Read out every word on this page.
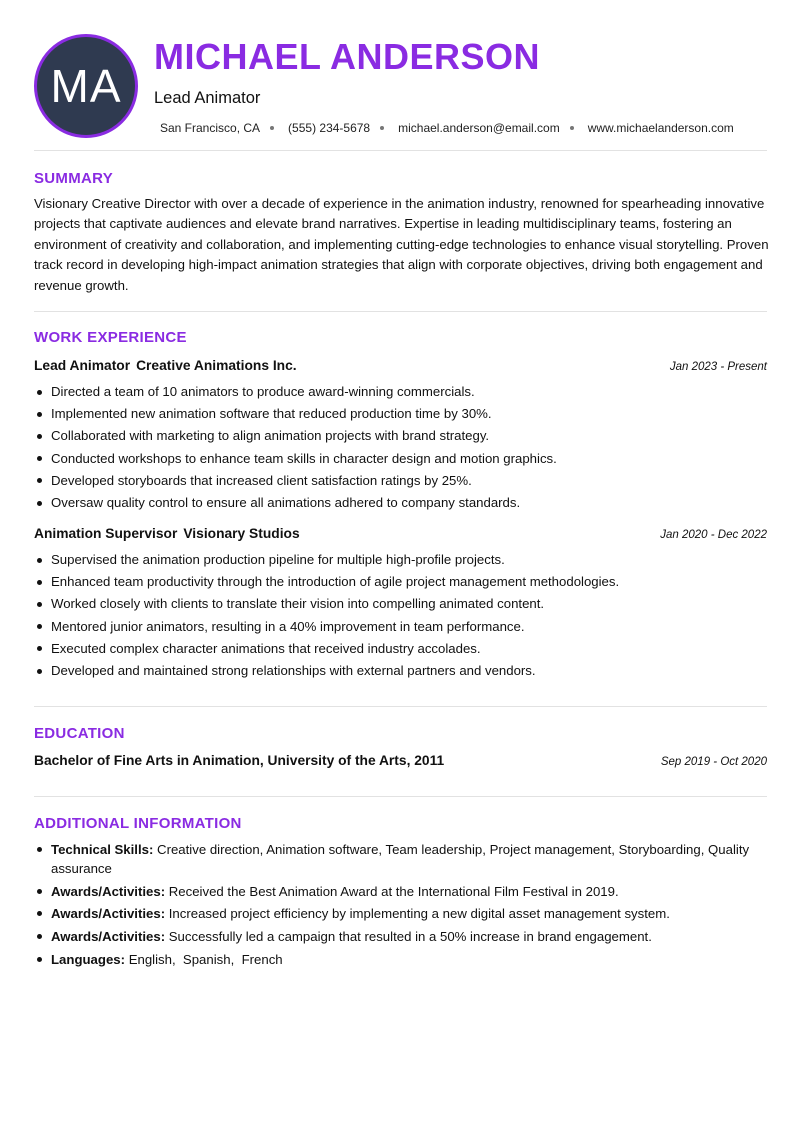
MA
MICHAEL ANDERSON
Lead Animator
San Francisco, CA (555) 234-5678 michael.anderson@email.com www.michaelanderson.com
SUMMARY
Visionary Creative Director with over a decade of experience in the animation industry, renowned for spearheading innovative projects that captivate audiences and elevate brand narratives. Expertise in leading multidisciplinary teams, fostering an environment of creativity and collaboration, and implementing cutting-edge technologies to enhance visual storytelling. Proven track record in developing high-impact animation strategies that align with corporate objectives, driving both engagement and revenue growth.
WORK EXPERIENCE
Lead Animator Creative Animations Inc.	Jan 2023 - Present
Directed a team of 10 animators to produce award-winning commercials.
Implemented new animation software that reduced production time by 30%.
Collaborated with marketing to align animation projects with brand strategy.
Conducted workshops to enhance team skills in character design and motion graphics.
Developed storyboards that increased client satisfaction ratings by 25%.
Oversaw quality control to ensure all animations adhered to company standards.
Animation Supervisor Visionary Studios	Jan 2020 - Dec 2022
Supervised the animation production pipeline for multiple high-profile projects.
Enhanced team productivity through the introduction of agile project management methodologies.
Worked closely with clients to translate their vision into compelling animated content.
Mentored junior animators, resulting in a 40% improvement in team performance.
Executed complex character animations that received industry accolades.
Developed and maintained strong relationships with external partners and vendors.
EDUCATION
Bachelor of Fine Arts in Animation, University of the Arts, 2011	Sep 2019 - Oct 2020
ADDITIONAL INFORMATION
Technical Skills: Creative direction, Animation software, Team leadership, Project management, Storyboarding, Quality assurance
Awards/Activities: Received the Best Animation Award at the International Film Festival in 2019.
Awards/Activities: Increased project efficiency by implementing a new digital asset management system.
Awards/Activities: Successfully led a campaign that resulted in a 50% increase in brand engagement.
Languages: English,  Spanish,  French
